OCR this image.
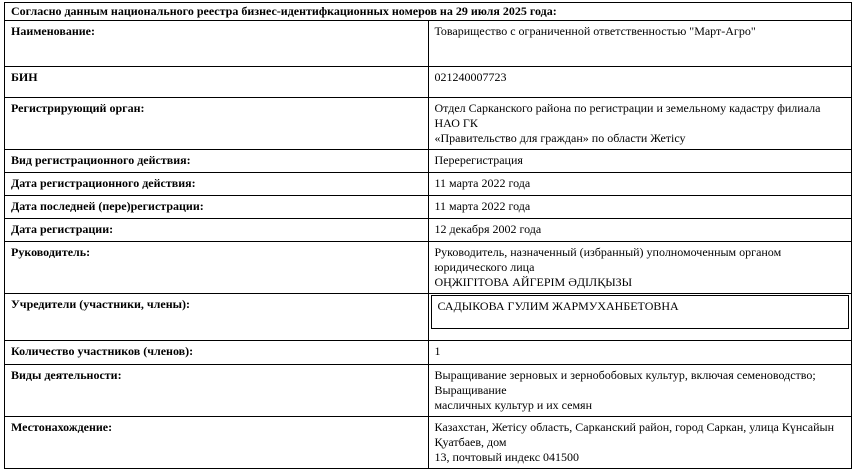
Согласно данным национального реестра бизнес-идентифкационных номеров на 29 июля 2025 года:	
Наименование:	Товарищество с ограниченной ответственностью "Март-Агро"
БИН	021240007723
Регистрирующий орган:	Отдел Сарканского района по регистрации и земельному кадастру филиала НАО ГК
«Правительство для граждан» по области Жетісу

Вид регистрационного действия:	Перерегистрация
Дата регистрационного действия:	11 марта 2022 года
Дата последней (пере)регистрации:	11 марта 2022 года
Дата регистрации:	12 декабря 2002 года
Руководитель:	Руководитель, назначенный (избранный) уполномоченным органом юридического лица
ОҢЖІГІТОВА АЙГЕРІМ ӘДІЛҚЫЗЫ

Учредители (участники, члены):	САДЫКОВА ГУЛИМ ЖАРМУХАНБЕТОВНА

Количество участников (членов):	1
Виды деятельности:	Выращивание зерновых и зернобобовых культур, включая семеноводство; Выращивание
масличных культур и их семян

Местонахождение:	Казахстан, Жетісу область, Сарканский район, город Саркан, улица Күнсайын Қуатбаев, дом
13, почтовый индекс 041500
